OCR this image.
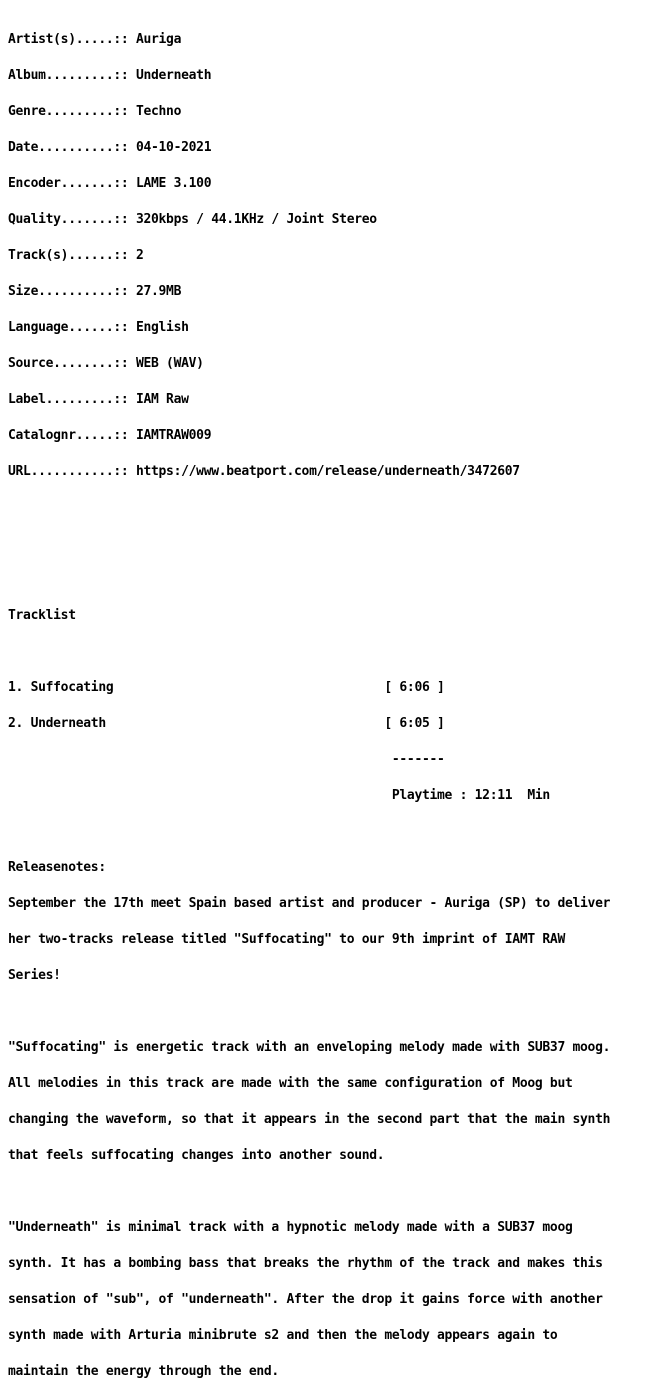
Artist(s).....:: Auriga

Album.........:: Underneath

Genre.........:: Techno

Date..........:: 04-10-2021

Encoder.......:: LAME 3.100

Quality.......:: 320kbps / 44.1KHz / Joint Stereo

Track(s)......:: 2

Size..........:: 27.9MB

Language......:: English

Source........:: WEB (WAV)

Label.........:: IAM Raw

Catalognr.....:: IAMTRAW009

URL...........:: https://www.beatport.com/release/underneath/3472607

Tracklist

1. Suffocating                                    [ 6:06 ]

2. Underneath                                     [ 6:05 ]

-------

Playtime : 12:11  Min

Releasenotes:

September the 17th meet Spain based artist and producer - Auriga (SP) to deliver

her two-tracks release titled "Suffocating" to our 9th imprint of IAMT RAW

Series!

"Suffocating" is energetic track with an enveloping melody made with SUB37 moog.

All melodies in this track are made with the same configuration of Moog but

changing the waveform, so that it appears in the second part that the main synth

that feels suffocating changes into another sound.

"Underneath" is minimal track with a hypnotic melody made with a SUB37 moog

synth. It has a bombing bass that breaks the rhythm of the track and makes this

sensation of "sub", of "underneath". After the drop it gains force with another

synth made with Arturia minibrute s2 and then the melody appears again to

maintain the energy through the end.
